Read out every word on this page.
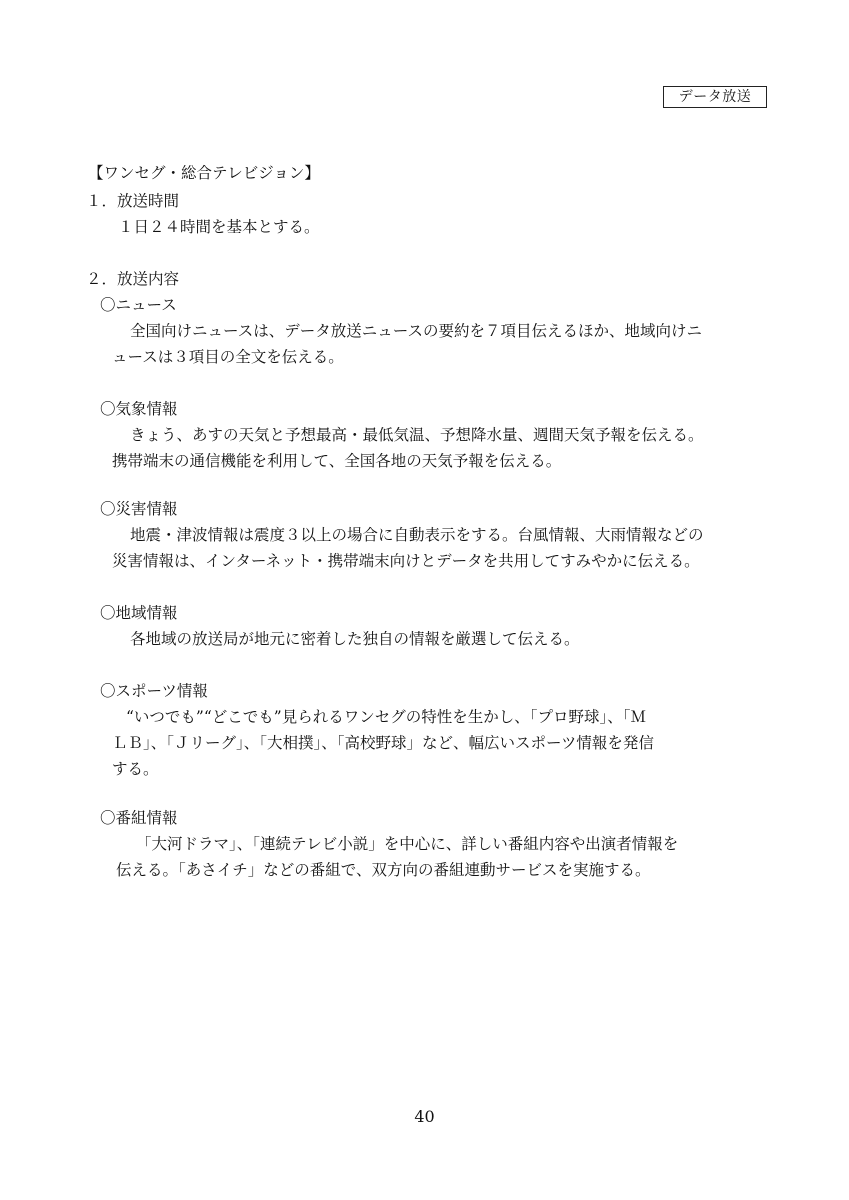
データ放送
【ワンセグ・総合テレビジョン】
１．放送時間
１日２４時間を基本とする。
２．放送内容
〇ニュース
全国向けニュースは、データ放送ニュースの要約を７項目伝えるほか、地域向けニ
ュースは３項目の全文を伝える。
〇気象情報
きょう、あすの天気と予想最高・最低気温、予想降水量、週間天気予報を伝える。
携帯端末の通信機能を利用して、全国各地の天気予報を伝える。
〇災害情報
地震・津波情報は震度３以上の場合に自動表示をする。台風情報、大雨情報などの
災害情報は、インターネット・携帯端末向けとデータを共用してすみやかに伝える。
〇地域情報
各地域の放送局が地元に密着した独自の情報を厳選して伝える。
〇スポーツ情報
“いつでも”“どこでも”見られるワンセグの特性を生かし、「プロ野球」、「Ｍ
ＬＢ」、「Ｊリーグ」、「大相撲」、「高校野球」など、幅広いスポーツ情報を発信
する。
〇番組情報
「大河ドラマ」、「連続テレビ小説」を中心に、詳しい番組内容や出演者情報を
伝える。「あさイチ」などの番組で、双方向の番組連動サービスを実施する。
40
